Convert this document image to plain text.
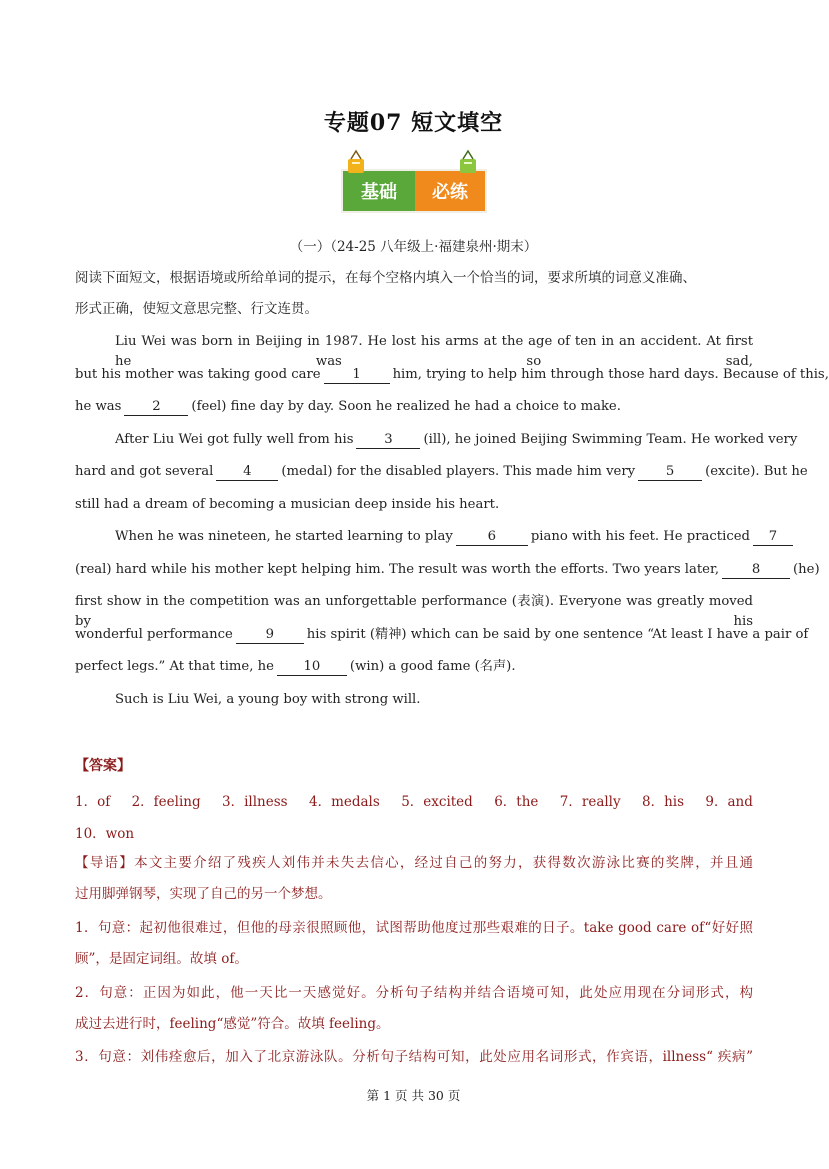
专题07 短文填空
基础 必练
（一）（24-25 八年级上·福建泉州·期末）
阅读下面短文，根据语境或所给单词的提示，在每个空格内填入一个恰当的词，要求所填的词意义准确、
形式正确，使短文意思完整、行文连贯。
Liu Wei was born in Beijing in 1987. He lost his arms at the age of ten in an accident. At first he was so sad,
but his mother was taking good care 1 him, trying to help him through those hard days. Because of this,
he was 2 (feel) fine day by day. Soon he realized he had a choice to make.
After Liu Wei got fully well from his 3 (ill), he joined Beijing Swimming Team. He worked very
hard and got several 4 (medal) for the disabled players. This made him very 5 (excite). But he
still had a dream of becoming a musician deep inside his heart.
When he was nineteen, he started learning to play	6	piano with his feet. He practiced 7
(real) hard while his mother kept helping him. The result was worth the efforts. Two years later, 8 (he)
first show in the competition was an unforgettable performance (表演). Everyone was greatly moved by his
wonderful performance 9 his spirit (精神) which can be said by one sentence “At least I have a pair of
perfect legs.” At that time, he 10 (win) a good fame (名声).
Such is Liu Wei, a young boy with strong will.
【答案】
1．of 2．feeling 3．illness 4．medals 5．excited 6．the 7．really 8．his 9．and
10．won
【导语】本文主要介绍了残疾人刘伟并未失去信心，经过自己的努力，获得数次游泳比赛的奖牌，并且通
过用脚弹钢琴，实现了自己的另一个梦想。
1．句意：起初他很难过，但他的母亲很照顾他，试图帮助他度过那些艰难的日子。take good care of“好好照
顾”，是固定词组。故填 of。
2．句意：正因为如此，他一天比一天感觉好。分析句子结构并结合语境可知，此处应用现在分词形式，构
成过去进行时，feeling“感觉”符合。故填 feeling。
3．句意：刘伟痊愈后，加入了北京游泳队。分析句子结构可知，此处应用名词形式，作宾语，illness“ 疾病”
第 1 页 共 30 页
